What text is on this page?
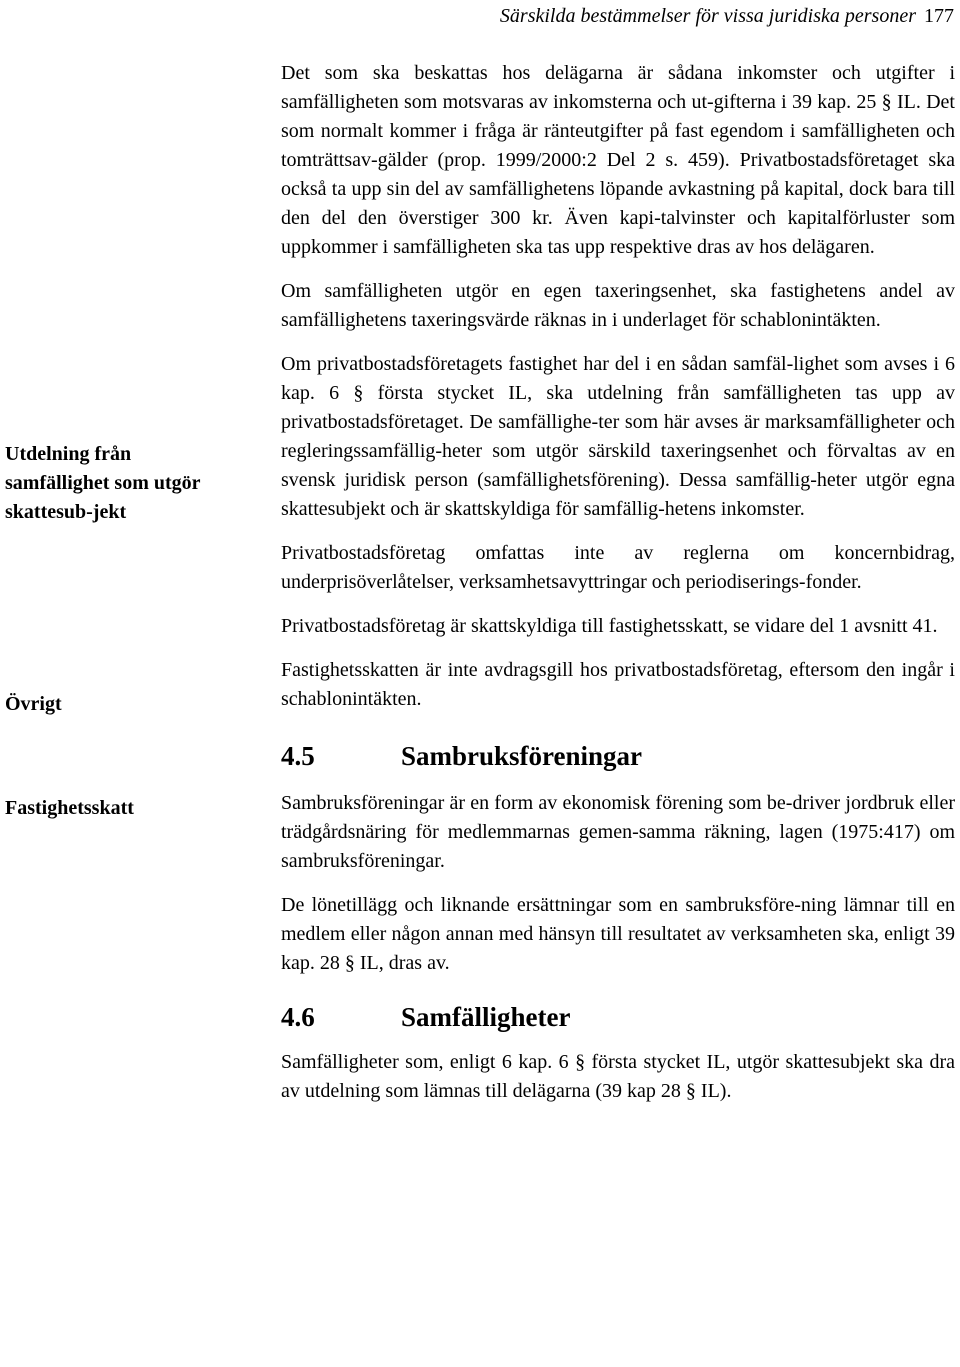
Särskilda bestämmelser för vissa juridiska personer 177
Utdelning från samfällighet som utgör skattesub-jekt
Övrigt
Fastighetsskatt

Det som ska beskattas hos delägarna är sådana inkomster och utgifter i samfälligheten som motsvaras av inkomsterna och ut-gifterna i 39 kap. 25 § IL. Det som normalt kommer i fråga är ränteutgifter på fast egendom i samfälligheten och tomträttsav-gälder (prop. 1999/2000:2 Del 2 s. 459). Privatbostadsföretaget ska också ta upp sin del av samfällighetens löpande avkastning på kapital, dock bara till den del den överstiger 300 kr. Även kapi-talvinster och kapitalförluster som uppkommer i samfälligheten ska tas upp respektive dras av hos delägaren.

Om samfälligheten utgör en egen taxeringsenhet, ska fastighetens andel av samfällighetens taxeringsvärde räknas in i underlaget för schablonintäkten.

Om privatbostadsföretagets fastighet har del i en sådan samfäl-lighet som avses i 6 kap. 6 § första stycket IL, ska utdelning från samfälligheten tas upp av privatbostadsföretaget. De samfällighe-ter som här avses är marksamfälligheter och regleringssamfällig-heter som utgör särskild taxeringsenhet och förvaltas av en svensk juridisk person (samfällighetsförening). Dessa samfällig-heter utgör egna skattesubjekt och är skattskyldiga för samfällig-hetens inkomster.

Privatbostadsföretag omfattas inte av reglerna om koncernbidrag, underprisöverlåtelser, verksamhetsavyttringar och periodiserings-fonder.

Privatbostadsföretag är skattskyldiga till fastighetsskatt, se vidare del 1 avsnitt 41.

Fastighetsskatten är inte avdragsgill hos privatbostadsföretag, eftersom den ingår i schablonintäkten.

4.5	Sambruksföreningar

Sambruksföreningar är en form av ekonomisk förening som be-driver jordbruk eller trädgårdsnäring för medlemmarnas gemen-samma räkning, lagen (1975:417) om sambruksföreningar.

De lönetillägg och liknande ersättningar som en sambruksföre-ning lämnar till en medlem eller någon annan med hänsyn till resultatet av verksamheten ska, enligt 39 kap. 28 § IL, dras av.

4.6	Samfälligheter

Samfälligheter som, enligt 6 kap. 6 § första stycket IL, utgör skattesubjekt ska dra av utdelning som lämnas till delägarna (39 kap 28 § IL).
